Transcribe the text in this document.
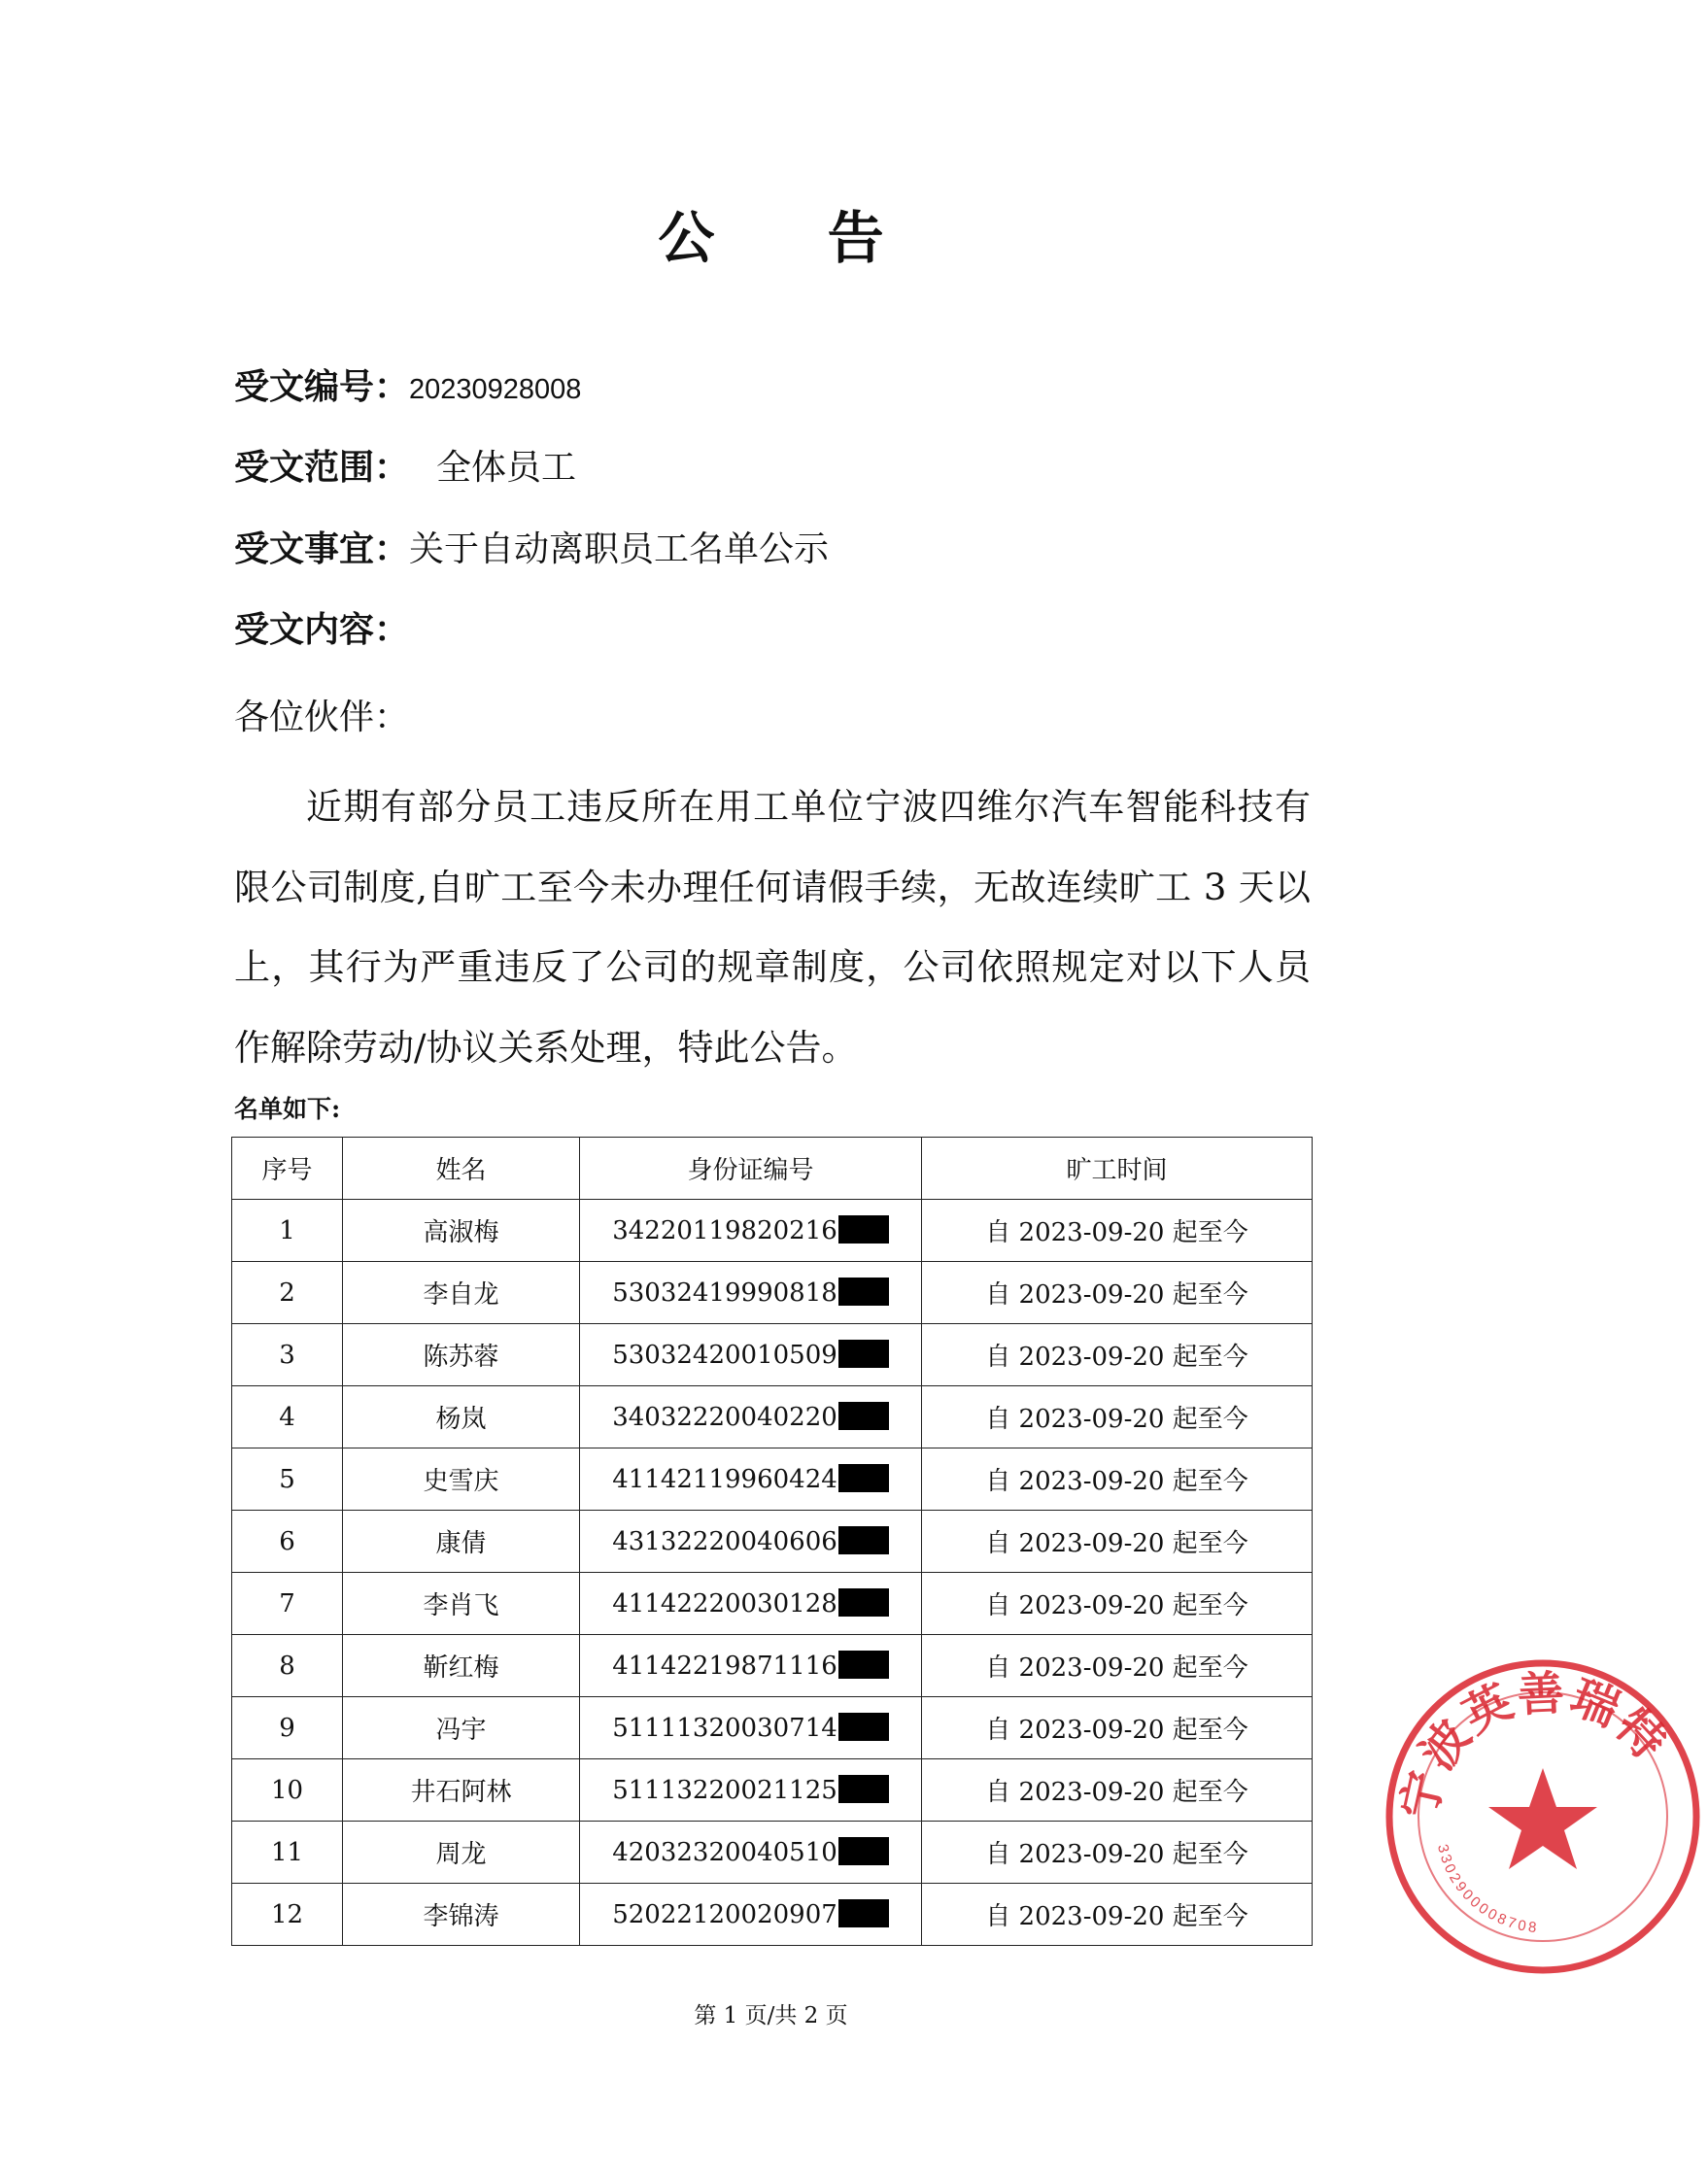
公 告
受文编号：20230928008
受文范围： 全体员工
受文事宜：关于自动离职员工名单公示
受文内容：
各位伙伴：
近期有部分员工违反所在用工单位宁波四维尔汽车智能科技有限公司制度,自旷工至今未办理任何请假手续，无故连续旷工 3 天以上，其行为严重违反了公司的规章制度，公司依照规定对以下人员作解除劳动/协议关系处理，特此公告。
名单如下:
序号	姓名	身份证编号	旷工时间
1	高淑梅	34220119820216	自 2023-09-20 起至今
2	李自龙	53032419990818	自 2023-09-20 起至今
3	陈苏蓉	53032420010509	自 2023-09-20 起至今
4	杨岚	34032220040220	自 2023-09-20 起至今
5	史雪庆	41142119960424	自 2023-09-20 起至今
6	康倩	43132220040606	自 2023-09-20 起至今
7	李肖飞	41142220030128	自 2023-09-20 起至今
8	靳红梅	41142219871116	自 2023-09-20 起至今
9	冯宇	51111320030714	自 2023-09-20 起至今
10	井石阿林	51113220021125	自 2023-09-20 起至今
11	周龙	42032320040510	自 2023-09-20 起至今
12	李锦涛	52022120020907	自 2023-09-20 起至今
第 1 页/共 2 页
宁波英善瑞特
3302900008708
